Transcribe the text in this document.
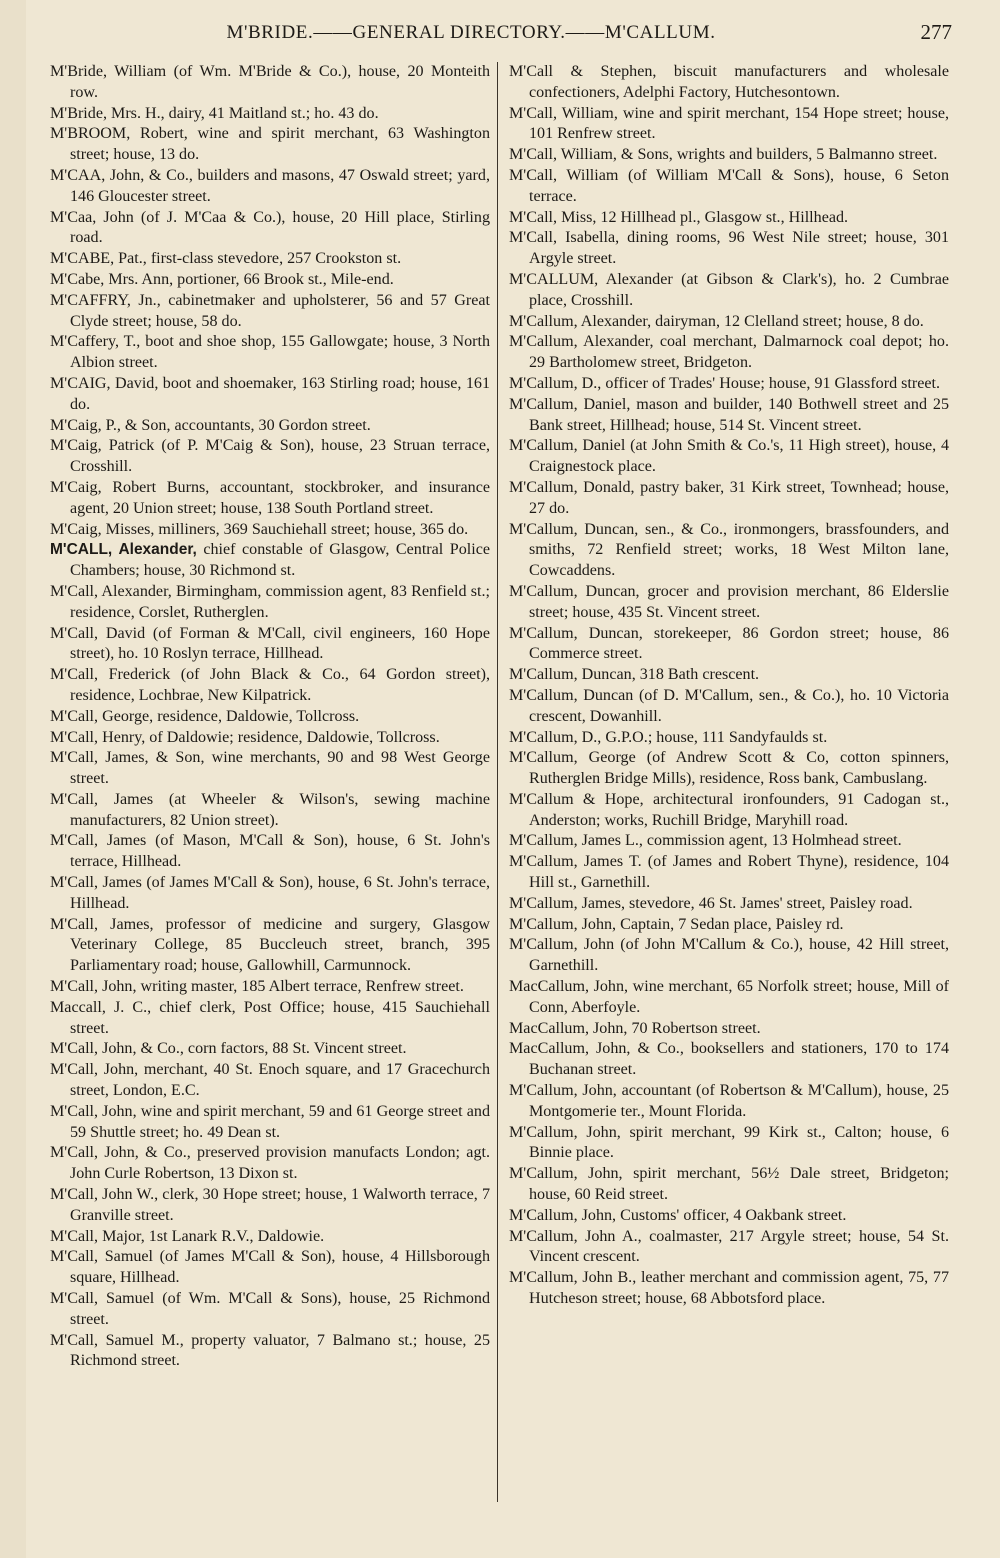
M'BRIDE.——GENERAL DIRECTORY.——M'CALLUM.	277

M'Bride, William (of Wm. M'Bride & Co.), house, 20 Monteith row.

M'Bride, Mrs. H., dairy, 41 Maitland st.; ho. 43 do.

M'BROOM, Robert, wine and spirit merchant, 63 Washington street; house, 13 do.

M'CAA, John, & Co., builders and masons, 47 Oswald street; yard, 146 Gloucester street.

M'Caa, John (of J. M'Caa & Co.), house, 20 Hill place, Stirling road.

M'CABE, Pat., first-class stevedore, 257 Crookston st.

M'Cabe, Mrs. Ann, portioner, 66 Brook st., Mile-end.

M'CAFFRY, Jn., cabinetmaker and upholsterer, 56 and 57 Great Clyde street; house, 58 do.

M'Caffery, T., boot and shoe shop, 155 Gallowgate; house, 3 North Albion street.

M'CAIG, David, boot and shoemaker, 163 Stirling road; house, 161 do.

M'Caig, P., & Son, accountants, 30 Gordon street.

M'Caig, Patrick (of P. M'Caig & Son), house, 23 Struan terrace, Crosshill.

M'Caig, Robert Burns, accountant, stockbroker, and insurance agent, 20 Union street; house, 138 South Portland street.

M'Caig, Misses, milliners, 369 Sauchiehall street; house, 365 do.

M'CALL, Alexander, chief constable of Glasgow, Central Police Chambers; house, 30 Richmond st.

M'Call, Alexander, Birmingham, commission agent, 83 Renfield st.; residence, Corslet, Rutherglen.

M'Call, David (of Forman & M'Call, civil engineers, 160 Hope street), ho. 10 Roslyn terrace, Hillhead.

M'Call, Frederick (of John Black & Co., 64 Gordon street), residence, Lochbrae, New Kilpatrick.

M'Call, George, residence, Daldowie, Tollcross.

M'Call, Henry, of Daldowie; residence, Daldowie, Tollcross.

M'Call, James, & Son, wine merchants, 90 and 98 West George street.

M'Call, James (at Wheeler & Wilson's, sewing machine manufacturers, 82 Union street).

M'Call, James (of Mason, M'Call & Son), house, 6 St. John's terrace, Hillhead.

M'Call, James (of James M'Call & Son), house, 6 St. John's terrace, Hillhead.

M'Call, James, professor of medicine and surgery, Glasgow Veterinary College, 85 Buccleuch street, branch, 395 Parliamentary road; house, Gallowhill, Carmunnock.

M'Call, John, writing master, 185 Albert terrace, Renfrew street.

Maccall, J. C., chief clerk, Post Office; house, 415 Sauchiehall street.

M'Call, John, & Co., corn factors, 88 St. Vincent street.

M'Call, John, merchant, 40 St. Enoch square, and 17 Gracechurch street, London, E.C.

M'Call, John, wine and spirit merchant, 59 and 61 George street and 59 Shuttle street; ho. 49 Dean st.

M'Call, John, & Co., preserved provision manufacts London; agt. John Curle Robertson, 13 Dixon st.

M'Call, John W., clerk, 30 Hope street; house, 1 Walworth terrace, 7 Granville street.

M'Call, Major, 1st Lanark R.V., Daldowie.

M'Call, Samuel (of James M'Call & Son), house, 4 Hillsborough square, Hillhead.

M'Call, Samuel (of Wm. M'Call & Sons), house, 25 Richmond street.

M'Call, Samuel M., property valuator, 7 Balmano st.; house, 25 Richmond street.

M'Call & Stephen, biscuit manufacturers and wholesale confectioners, Adelphi Factory, Hutchesontown.

M'Call, William, wine and spirit merchant, 154 Hope street; house, 101 Renfrew street.

M'Call, William, & Sons, wrights and builders, 5 Balmanno street.

M'Call, William (of William M'Call & Sons), house, 6 Seton terrace.

M'Call, Miss, 12 Hillhead pl., Glasgow st., Hillhead.

M'Call, Isabella, dining rooms, 96 West Nile street; house, 301 Argyle street.

M'CALLUM, Alexander (at Gibson & Clark's), ho. 2 Cumbrae place, Crosshill.

M'Callum, Alexander, dairyman, 12 Clelland street; house, 8 do.

M'Callum, Alexander, coal merchant, Dalmarnock coal depot; ho. 29 Bartholomew street, Bridgeton.

M'Callum, D., officer of Trades' House; house, 91 Glassford street.

M'Callum, Daniel, mason and builder, 140 Bothwell street and 25 Bank street, Hillhead; house, 514 St. Vincent street.

M'Callum, Daniel (at John Smith & Co.'s, 11 High street), house, 4 Craignestock place.

M'Callum, Donald, pastry baker, 31 Kirk street, Townhead; house, 27 do.

M'Callum, Duncan, sen., & Co., ironmongers, brassfounders, and smiths, 72 Renfield street; works, 18 West Milton lane, Cowcaddens.

M'Callum, Duncan, grocer and provision merchant, 86 Elderslie street; house, 435 St. Vincent street.

M'Callum, Duncan, storekeeper, 86 Gordon street; house, 86 Commerce street.

M'Callum, Duncan, 318 Bath crescent.

M'Callum, Duncan (of D. M'Callum, sen., & Co.), ho. 10 Victoria crescent, Dowanhill.

M'Callum, D., G.P.O.; house, 111 Sandyfaulds st.

M'Callum, George (of Andrew Scott & Co, cotton spinners, Rutherglen Bridge Mills), residence, Ross bank, Cambuslang.

M'Callum & Hope, architectural ironfounders, 91 Cadogan st., Anderston; works, Ruchill Bridge, Maryhill road.

M'Callum, James L., commission agent, 13 Holmhead street.

M'Callum, James T. (of James and Robert Thyne), residence, 104 Hill st., Garnethill.

M'Callum, James, stevedore, 46 St. James' street, Paisley road.

M'Callum, John, Captain, 7 Sedan place, Paisley rd.

M'Callum, John (of John M'Callum & Co.), house, 42 Hill street, Garnethill.

MacCallum, John, wine merchant, 65 Norfolk street; house, Mill of Conn, Aberfoyle.

MacCallum, John, 70 Robertson street.

MacCallum, John, & Co., booksellers and stationers, 170 to 174 Buchanan street.

M'Callum, John, accountant (of Robertson & M'Callum), house, 25 Montgomerie ter., Mount Florida.

M'Callum, John, spirit merchant, 99 Kirk st., Calton; house, 6 Binnie place.

M'Callum, John, spirit merchant, 56½ Dale street, Bridgeton; house, 60 Reid street.

M'Callum, John, Customs' officer, 4 Oakbank street.

M'Callum, John A., coalmaster, 217 Argyle street; house, 54 St. Vincent crescent.

M'Callum, John B., leather merchant and commission agent, 75, 77 Hutcheson street; house, 68 Abbotsford place.
